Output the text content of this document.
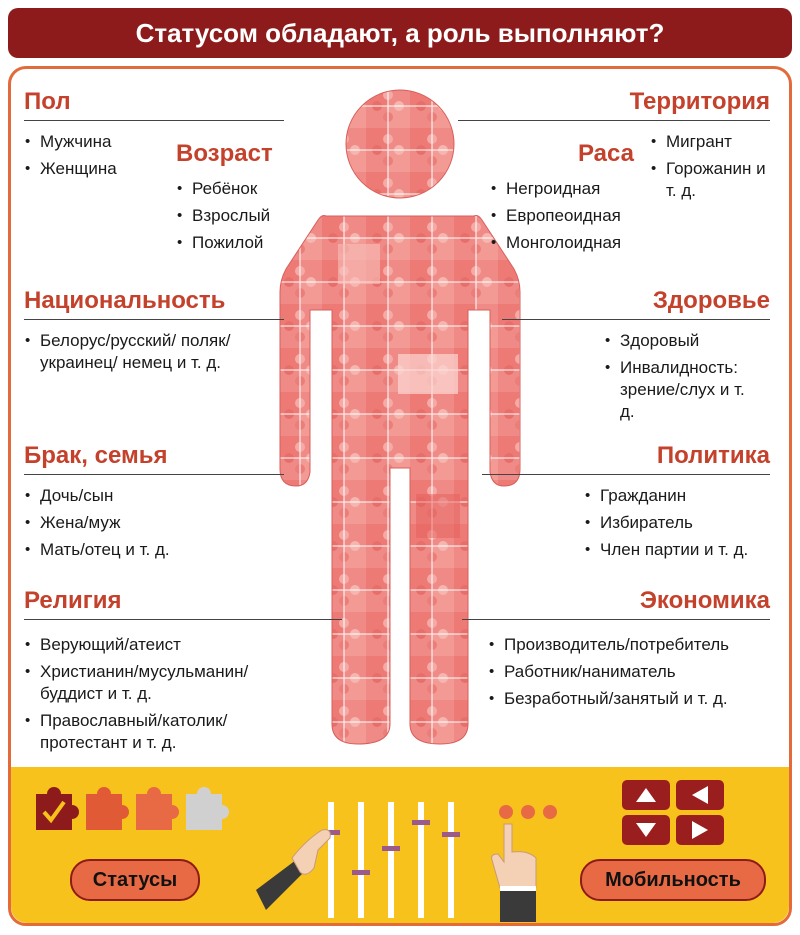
Статусом обладают, а роль выполняют?
Пол
• Мужчина
• Женщина
Возраст
• Ребёнок
• Взрослый
• Пожилой
Национальность
• Белорус/русский/ поляк/украинец/ немец и т. д.
Брак, семья
• Дочь/сын
• Жена/муж
• Мать/отец и т. д.
Религия
• Верующий/атеист
• Христианин/мусульманин/ буддист и т. д.
• Православный/католик/ протестант и т. д.
Территория
• Мигрант
• Горожанин и т. д.
Раса
• Негроидная
• Европеоидная
• Монголоидная
Здоровье
• Здоровый
• Инвалидность: зрение/слух и т. д.
Политика
• Гражданин
• Избиратель
• Член партии и т. д.
Экономика
• Производитель/потребитель
• Работник/наниматель
• Безработный/занятый и т. д.
Статусы	Мобильность
